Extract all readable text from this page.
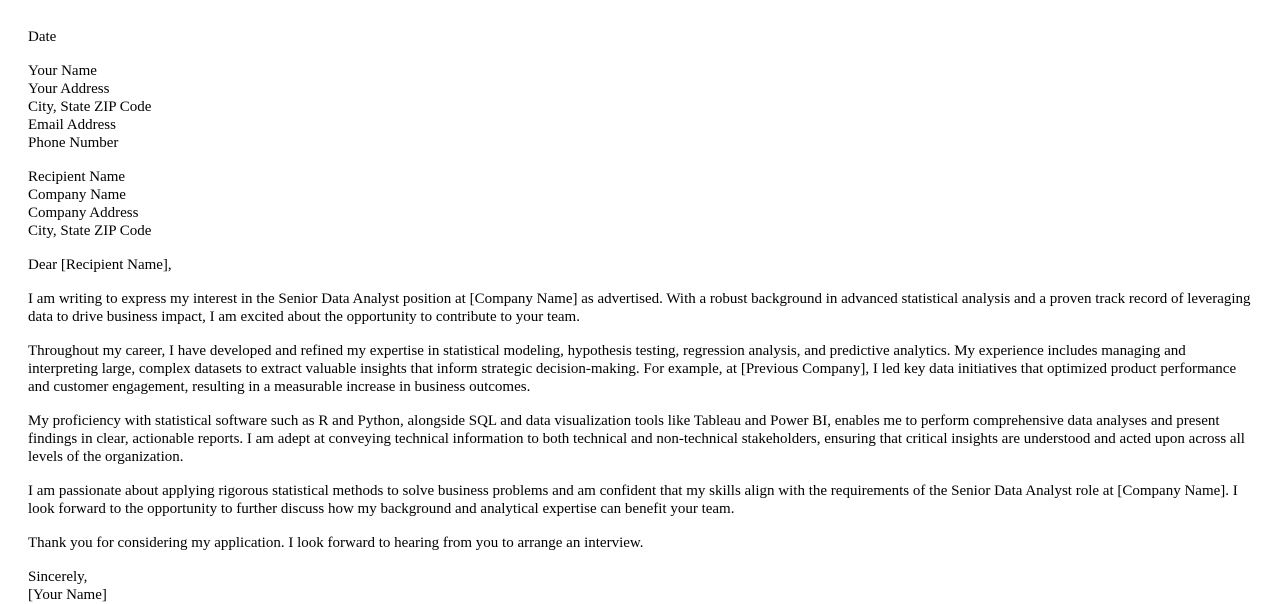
Date
Your Name
Your Address
City, State ZIP Code
Email Address
Phone Number
Recipient Name
Company Name
Company Address
City, State ZIP Code

Dear [Recipient Name],

I am writing to express my interest in the Senior Data Analyst position at [Company Name] as advertised. With a robust background in advanced statistical analysis and a proven track record of leveraging data to drive business impact, I am excited about the opportunity to contribute to your team.

Throughout my career, I have developed and refined my expertise in statistical modeling, hypothesis testing, regression analysis, and predictive analytics. My experience includes managing and interpreting large, complex datasets to extract valuable insights that inform strategic decision-making. For example, at [Previous Company], I led key data initiatives that optimized product performance and customer engagement, resulting in a measurable increase in business outcomes.

My proficiency with statistical software such as R and Python, alongside SQL and data visualization tools like Tableau and Power BI, enables me to perform comprehensive data analyses and present findings in clear, actionable reports. I am adept at conveying technical information to both technical and non-technical stakeholders, ensuring that critical insights are understood and acted upon across all levels of the organization.

I am passionate about applying rigorous statistical methods to solve business problems and am confident that my skills align with the requirements of the Senior Data Analyst role at [Company Name]. I look forward to the opportunity to further discuss how my background and analytical expertise can benefit your team.

Thank you for considering my application. I look forward to hearing from you to arrange an interview.

Sincerely,
[Your Name]
